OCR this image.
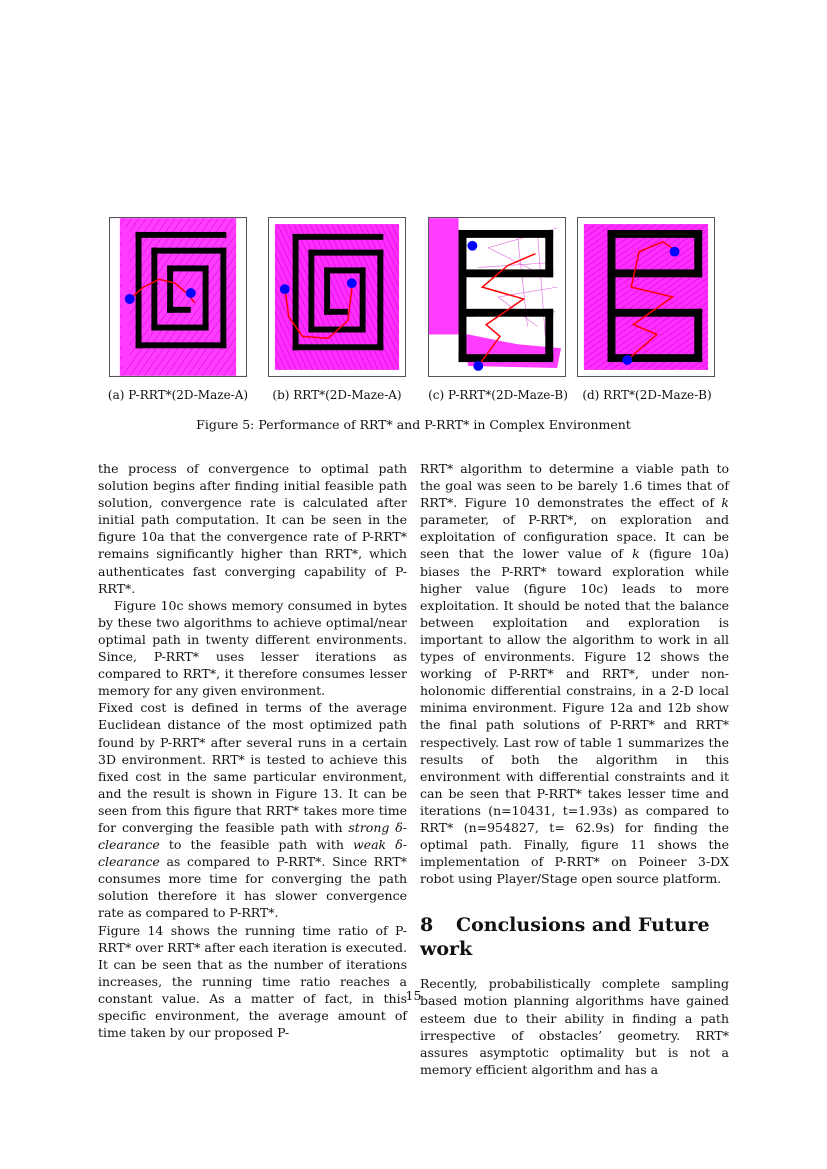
(a) P-RRT*(2D-Maze-A)	(b) RRT*(2D-Maze-A)	(c) P-RRT*(2D-Maze-B)	(d) RRT*(2D-Maze-B)
Figure 5: Performance of RRT* and P-RRT* in Complex Environment

the process of convergence to optimal path solution begins after finding initial feasible path solution, convergence rate is calculated after initial path computation. It can be seen in the figure 10a that the convergence rate of P-RRT* remains significantly higher than RRT*, which authenticates fast converging capability of P-RRT*.

Figure 10c shows memory consumed in bytes by these two algorithms to achieve optimal/near optimal path in twenty different environments. Since, P-RRT* uses lesser iterations as compared to RRT*, it therefore consumes lesser memory for any given environment.

Fixed cost is defined in terms of the average Euclidean distance of the most optimized path found by P-RRT* after several runs in a certain 3D environment. RRT* is tested to achieve this fixed cost in the same particular environment, and the result is shown in Figure 13. It can be seen from this figure that RRT* takes more time for converging the feasible path with strong δ-clearance to the feasible path with weak δ-clearance as compared to P-RRT*. Since RRT* consumes more time for converging the path solution therefore it has slower convergence rate as compared to P-RRT*.

Figure 14 shows the running time ratio of P-RRT* over RRT* after each iteration is executed. It can be seen that as the number of iterations increases, the running time ratio reaches a constant value. As a matter of fact, in this specific environment, the average amount of time taken by our proposed P-

RRT* algorithm to determine a viable path to the goal was seen to be barely 1.6 times that of RRT*. Figure 10 demonstrates the effect of k parameter, of P-RRT*, on exploration and exploitation of configuration space. It can be seen that the lower value of k (figure 10a) biases the P-RRT* toward exploration while higher value (figure 10c) leads to more exploitation. It should be noted that the balance between exploitation and exploration is important to allow the algorithm to work in all types of environments. Figure 12 shows the working of P-RRT* and RRT*, under non-holonomic differential constrains, in a 2-D local minima environment. Figure 12a and 12b show the final path solutions of P-RRT* and RRT* respectively. Last row of table 1 summarizes the results of both the algorithm in this environment with differential constraints and it can be seen that P-RRT* takes lesser time and iterations (n=10431, t=1.93s) as compared to RRT* (n=954827, t= 62.9s) for finding the optimal path. Finally, figure 11 shows the implementation of P-RRT* on Poineer 3-DX robot using Player/Stage open source platform.

8 Conclusions and Future work

Recently, probabilistically complete sampling based motion planning algorithms have gained esteem due to their ability in finding a path irrespective of obstacles’ geometry. RRT* assures asymptotic optimality but is not a memory efficient algorithm and has a

15
